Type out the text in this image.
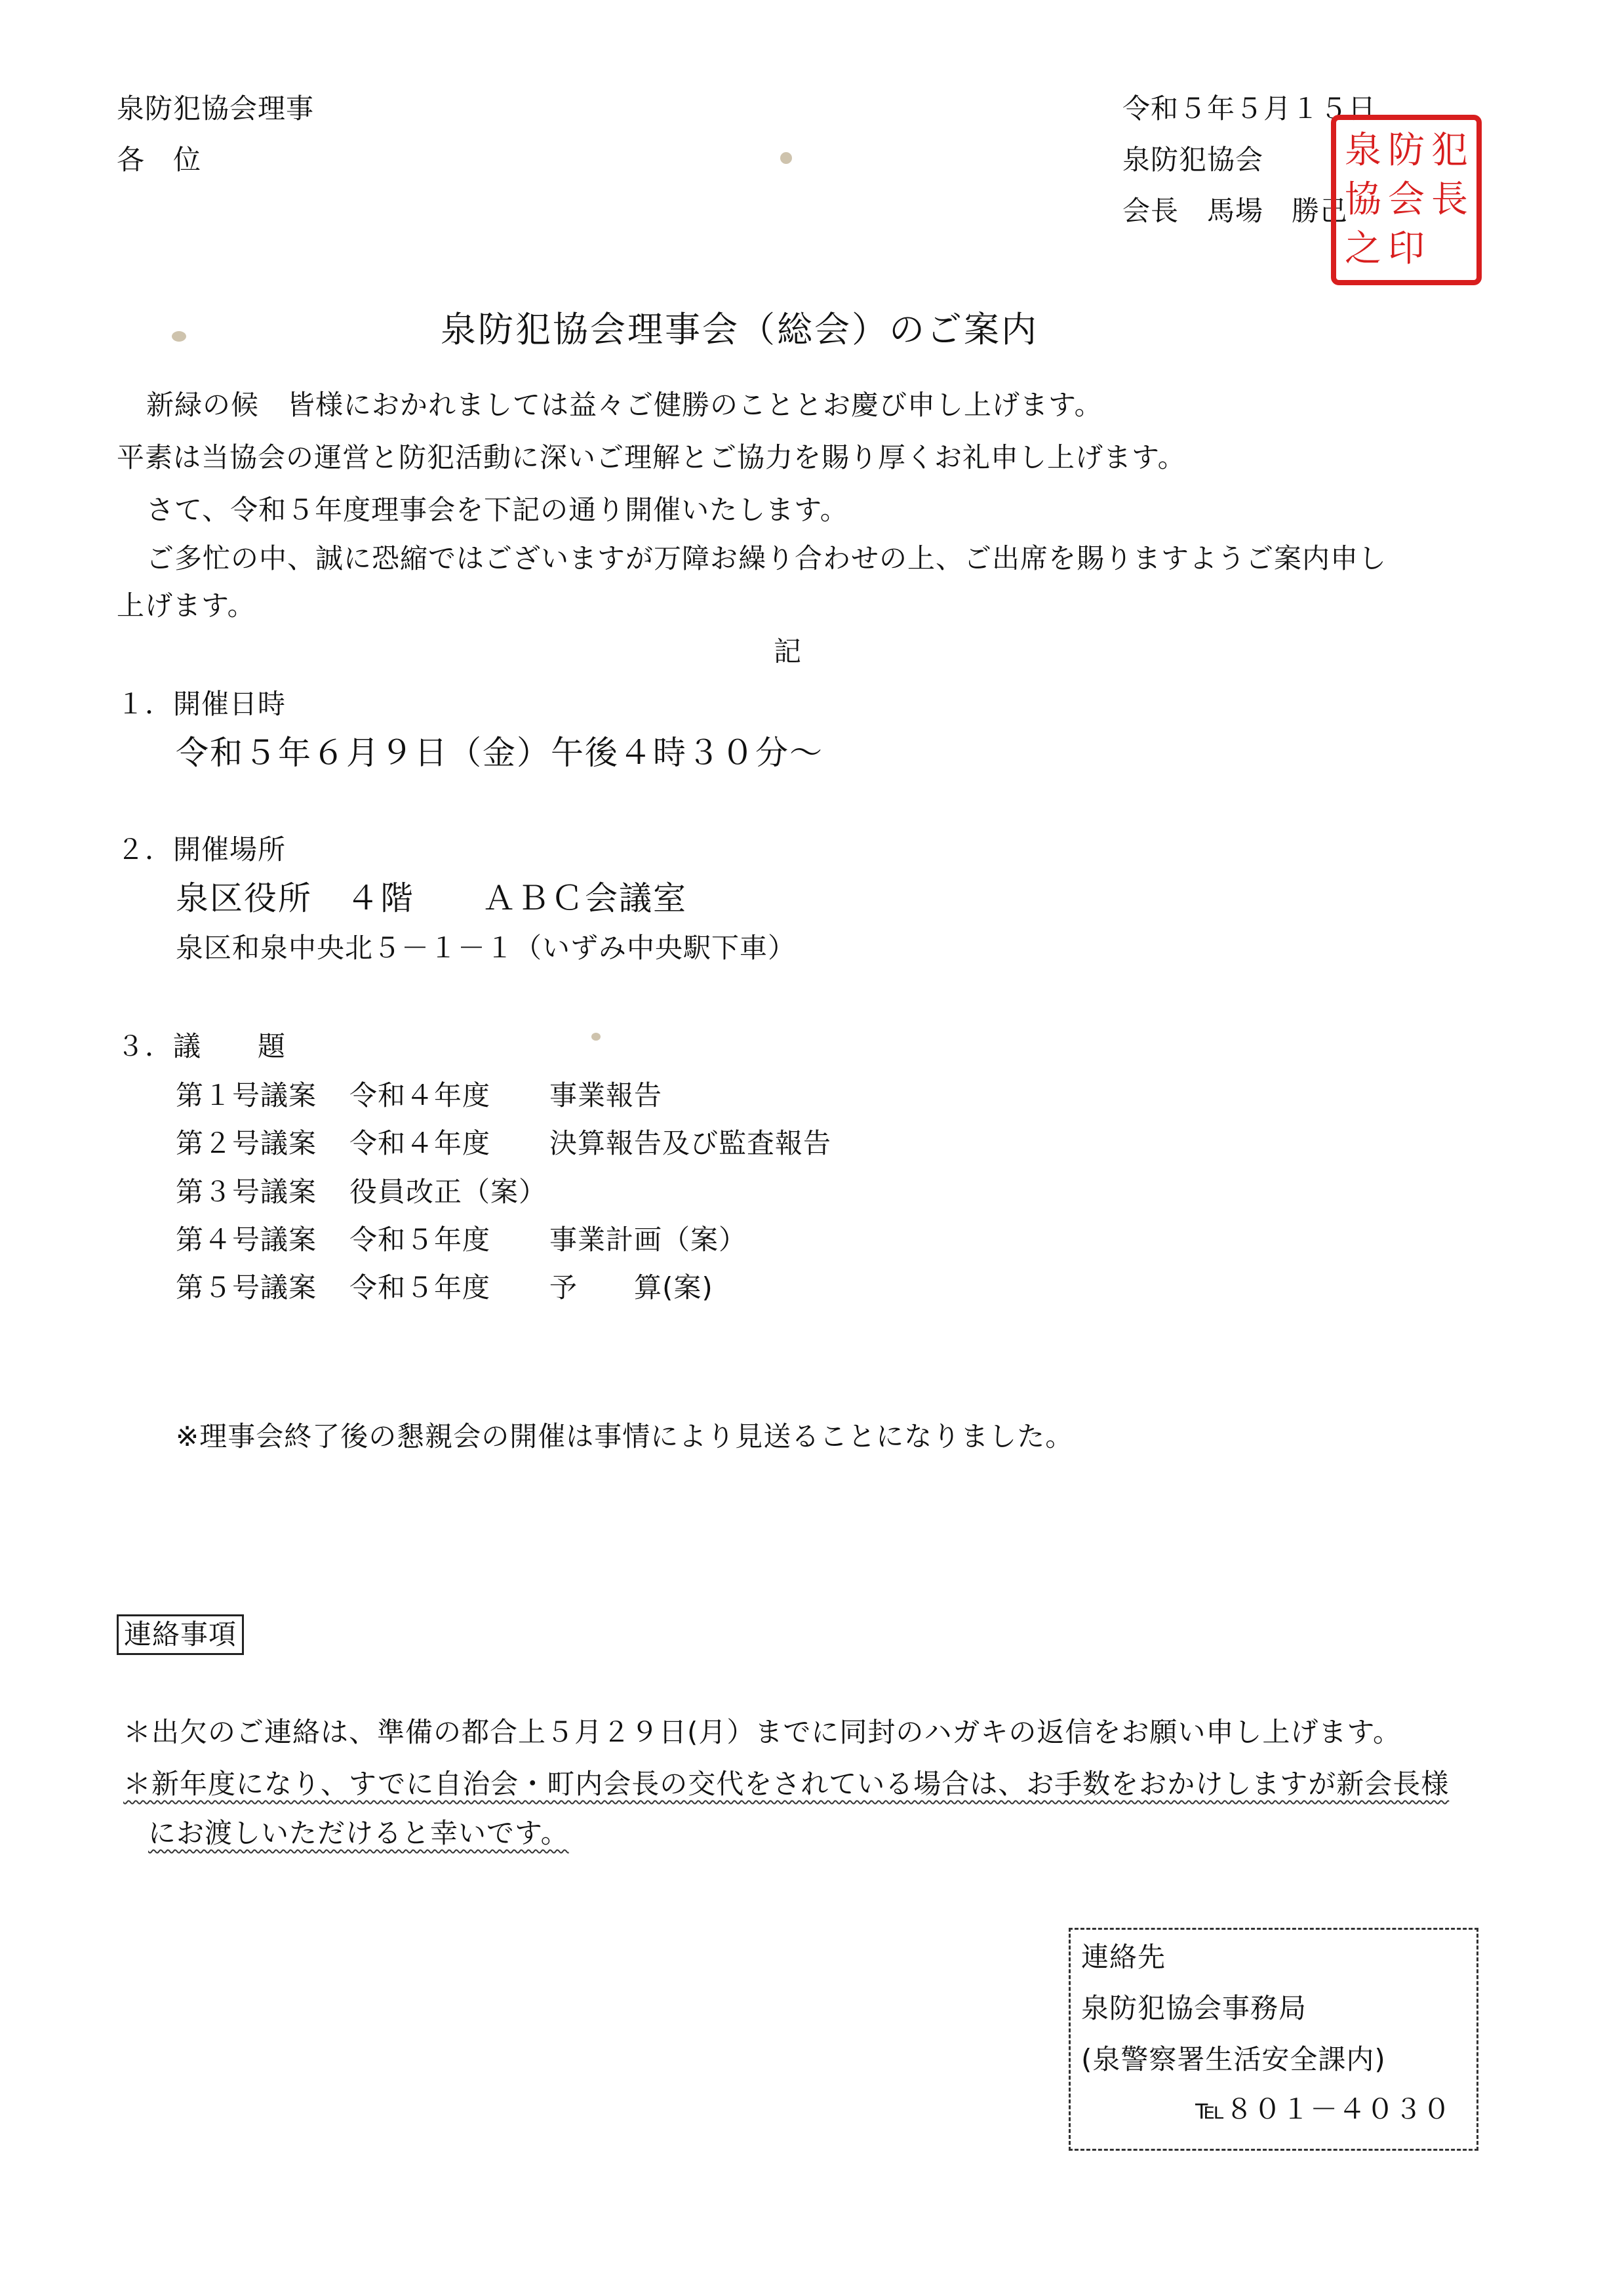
泉防犯協会理事
各　位
令和５年５月１５日
泉防犯協会
会長　馬場　勝己
泉
協
之
防
会
印
犯
長
泉防犯協会理事会（総会）のご案内
新緑の候　皆様におかれましては益々ご健勝のこととお慶び申し上げます。
平素は当協会の運営と防犯活動に深いご理解とご協力を賜り厚くお礼申し上げます。
さて、令和５年度理事会を下記の通り開催いたします。
ご多忙の中、誠に恐縮ではございますが万障お繰り合わせの上、ご出席を賜りますようご案内申し
上げます。
記
１．開催日時
令和５年６月９日（金）午後４時３０分～
２．開催場所
泉区役所　４階　　ＡＢＣ会議室
泉区和泉中央北５－１－１（いずみ中央駅下車）
３．議　　題
第１号議案 令和４年度 事業報告
第２号議案 令和４年度 決算報告及び監査報告
第３号議案 役員改正（案）
第４号議案 令和５年度 事業計画（案）
第５号議案 令和５年度 予　　算(案)
※理事会終了後の懇親会の開催は事情により見送ることになりました。
連絡事項
＊出欠のご連絡は、準備の都合上５月２９日(月）までに同封のハガキの返信をお願い申し上げます。
＊新年度になり、すでに自治会・町内会長の交代をされている場合は、お手数をおかけしますが新会長様
にお渡しいただけると幸いです。
連絡先
泉防犯協会事務局
(泉警察署生活安全課内)
℡８０１－４０３０
